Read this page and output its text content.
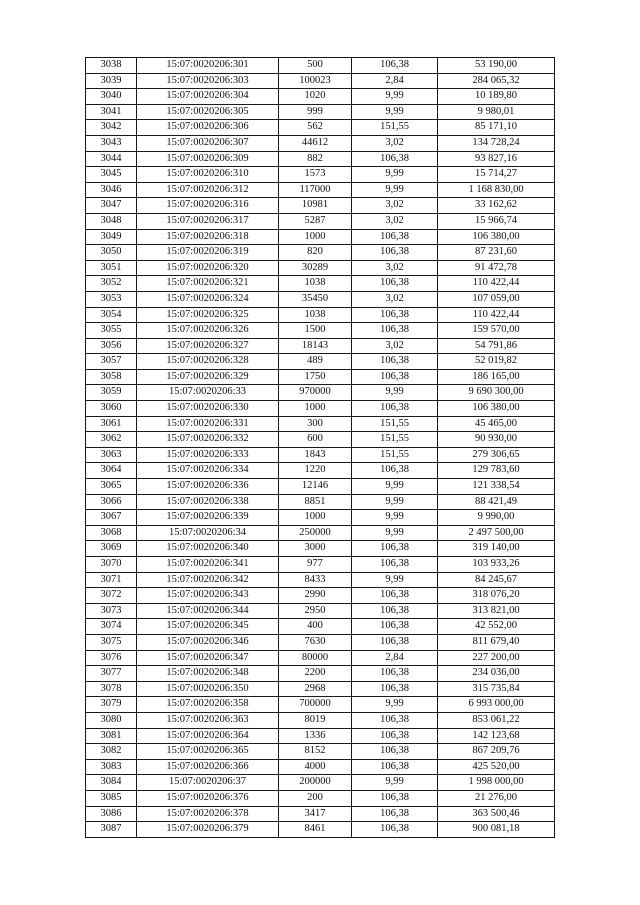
3038	15:07:0020206:301	500	106,38	53 190,00
3039	15:07:0020206:303	100023	2,84	284 065,32
3040	15:07:0020206:304	1020	9,99	10 189,80
3041	15:07:0020206:305	999	9,99	9 980,01
3042	15:07:0020206:306	562	151,55	85 171,10
3043	15:07:0020206:307	44612	3,02	134 728,24
3044	15:07:0020206:309	882	106,38	93 827,16
3045	15:07:0020206:310	1573	9,99	15 714,27
3046	15:07:0020206:312	117000	9,99	1 168 830,00
3047	15:07:0020206:316	10981	3,02	33 162,62
3048	15:07:0020206:317	5287	3,02	15 966,74
3049	15:07:0020206:318	1000	106,38	106 380,00
3050	15:07:0020206:319	820	106,38	87 231,60
3051	15:07:0020206:320	30289	3,02	91 472,78
3052	15:07:0020206:321	1038	106,38	110 422,44
3053	15:07:0020206:324	35450	3,02	107 059,00
3054	15:07:0020206:325	1038	106,38	110 422,44
3055	15:07:0020206:326	1500	106,38	159 570,00
3056	15:07:0020206:327	18143	3,02	54 791,86
3057	15:07:0020206:328	489	106,38	52 019,82
3058	15:07:0020206:329	1750	106,38	186 165,00
3059	15:07:0020206:33	970000	9,99	9 690 300,00
3060	15:07:0020206:330	1000	106,38	106 380,00
3061	15:07:0020206:331	300	151,55	45 465,00
3062	15:07:0020206:332	600	151,55	90 930,00
3063	15:07:0020206:333	1843	151,55	279 306,65
3064	15:07:0020206:334	1220	106,38	129 783,60
3065	15:07:0020206:336	12146	9,99	121 338,54
3066	15:07:0020206:338	8851	9,99	88 421,49
3067	15:07:0020206:339	1000	9,99	9 990,00
3068	15:07:0020206:34	250000	9,99	2 497 500,00
3069	15:07:0020206:340	3000	106,38	319 140,00
3070	15:07:0020206:341	977	106,38	103 933,26
3071	15:07:0020206:342	8433	9,99	84 245,67
3072	15:07:0020206:343	2990	106,38	318 076,20
3073	15:07:0020206:344	2950	106,38	313 821,00
3074	15:07:0020206:345	400	106,38	42 552,00
3075	15:07:0020206:346	7630	106,38	811 679,40
3076	15:07:0020206:347	80000	2,84	227 200,00
3077	15:07:0020206:348	2200	106,38	234 036,00
3078	15:07:0020206:350	2968	106,38	315 735,84
3079	15:07:0020206:358	700000	9,99	6 993 000,00
3080	15:07:0020206:363	8019	106,38	853 061,22
3081	15:07:0020206:364	1336	106,38	142 123,68
3082	15:07:0020206:365	8152	106,38	867 209,76
3083	15:07:0020206:366	4000	106,38	425 520,00
3084	15:07:0020206:37	200000	9,99	1 998 000,00
3085	15:07:0020206:376	200	106,38	21 276,00
3086	15:07:0020206:378	3417	106,38	363 500,46
3087	15:07:0020206:379	8461	106,38	900 081,18
